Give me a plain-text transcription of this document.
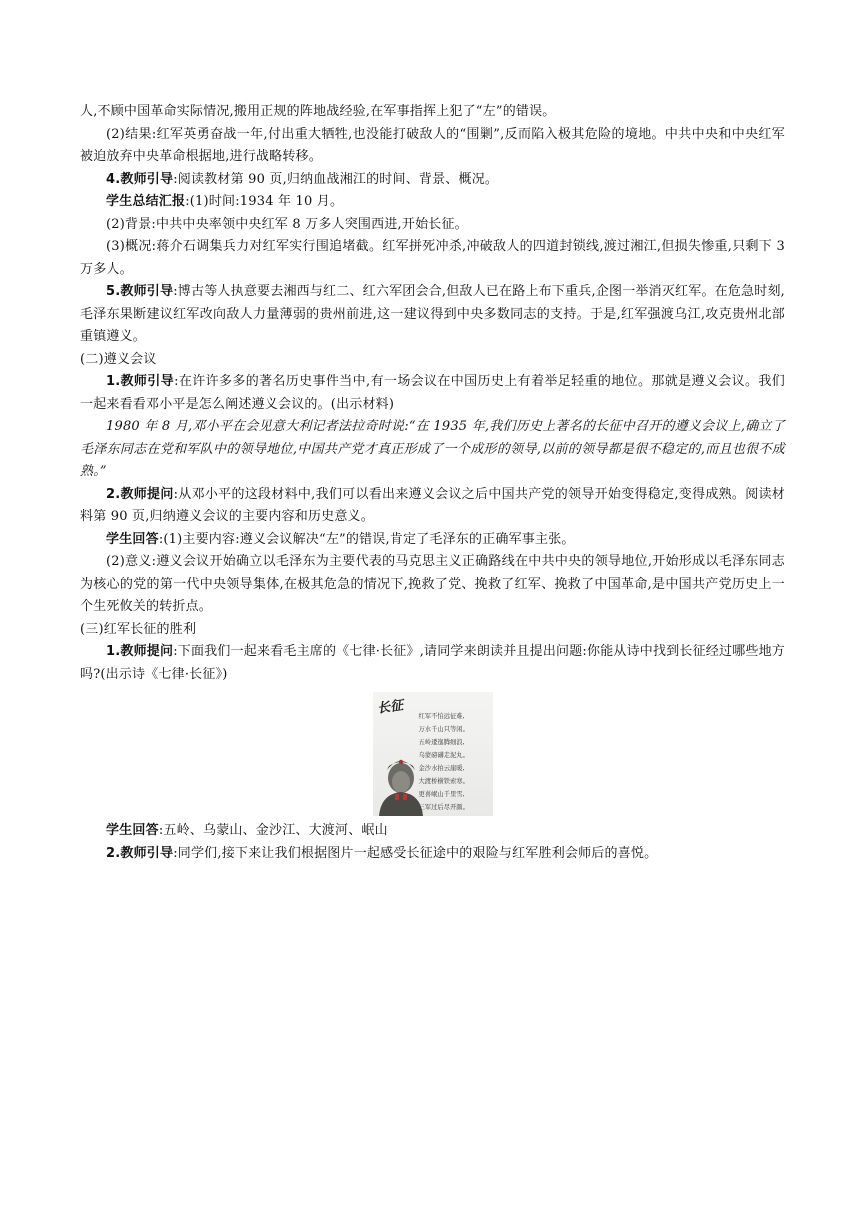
人,不顾中国革命实际情况,搬用正规的阵地战经验,在军事指挥上犯了“左”的错误。

(2)结果:红军英勇奋战一年,付出重大牺牲,也没能打破敌人的“围剿”,反而陷入极其危险的境地。中共中央和中央红军被迫放弃中央革命根据地,进行战略转移。

4.教师引导:阅读教材第 90 页,归纳血战湘江的时间、背景、概况。

学生总结汇报:(1)时间:1934 年 10 月。

(2)背景:中共中央率领中央红军 8 万多人突围西进,开始长征。

(3)概况:蒋介石调集兵力对红军实行围追堵截。红军拼死冲杀,冲破敌人的四道封锁线,渡过湘江,但损失惨重,只剩下 3 万多人。

5.教师引导:博古等人执意要去湘西与红二、红六军团会合,但敌人已在路上布下重兵,企图一举消灭红军。在危急时刻,毛泽东果断建议红军改向敌人力量薄弱的贵州前进,这一建议得到中央多数同志的支持。于是,红军强渡乌江,攻克贵州北部重镇遵义。

(二)遵义会议

1.教师引导:在许许多多的著名历史事件当中,有一场会议在中国历史上有着举足轻重的地位。那就是遵义会议。我们一起来看看邓小平是怎么阐述遵义会议的。(出示材料)

1980 年 8 月,邓小平在会见意大利记者法拉奇时说:“在 1935 年,我们历史上著名的长征中召开的遵义会议上,确立了毛泽东同志在党和军队中的领导地位,中国共产党才真正形成了一个成形的领导,以前的领导都是很不稳定的,而且也很不成熟。”

2.教师提问:从邓小平的这段材料中,我们可以看出来遵义会议之后中国共产党的领导开始变得稳定,变得成熟。阅读材料第 90 页,归纳遵义会议的主要内容和历史意义。

学生回答:(1)主要内容:遵义会议解决“左”的错误,肯定了毛泽东的正确军事主张。

(2)意义:遵义会议开始确立以毛泽东为主要代表的马克思主义正确路线在中共中央的领导地位,开始形成以毛泽东同志为核心的党的第一代中央领导集体,在极其危急的情况下,挽救了党、挽救了红军、挽救了中国革命,是中国共产党历史上一个生死攸关的转折点。

(三)红军长征的胜利

1.教师提问:下面我们一起来看毛主席的《七律·长征》,请同学来朗读并且提出问题:你能从诗中找到长征经过哪些地方吗?(出示诗《七律·长征》)

长征 红军不怕远征难,
万水千山只等闲。
五岭逶迤腾细浪,
乌蒙磅礴走泥丸。
金沙水拍云崖暖,
大渡桥横铁索寒。
更喜岷山千里雪,
三军过后尽开颜。

学生回答:五岭、乌蒙山、金沙江、大渡河、岷山

2.教师引导:同学们,接下来让我们根据图片一起感受长征途中的艰险与红军胜利会师后的喜悦。
